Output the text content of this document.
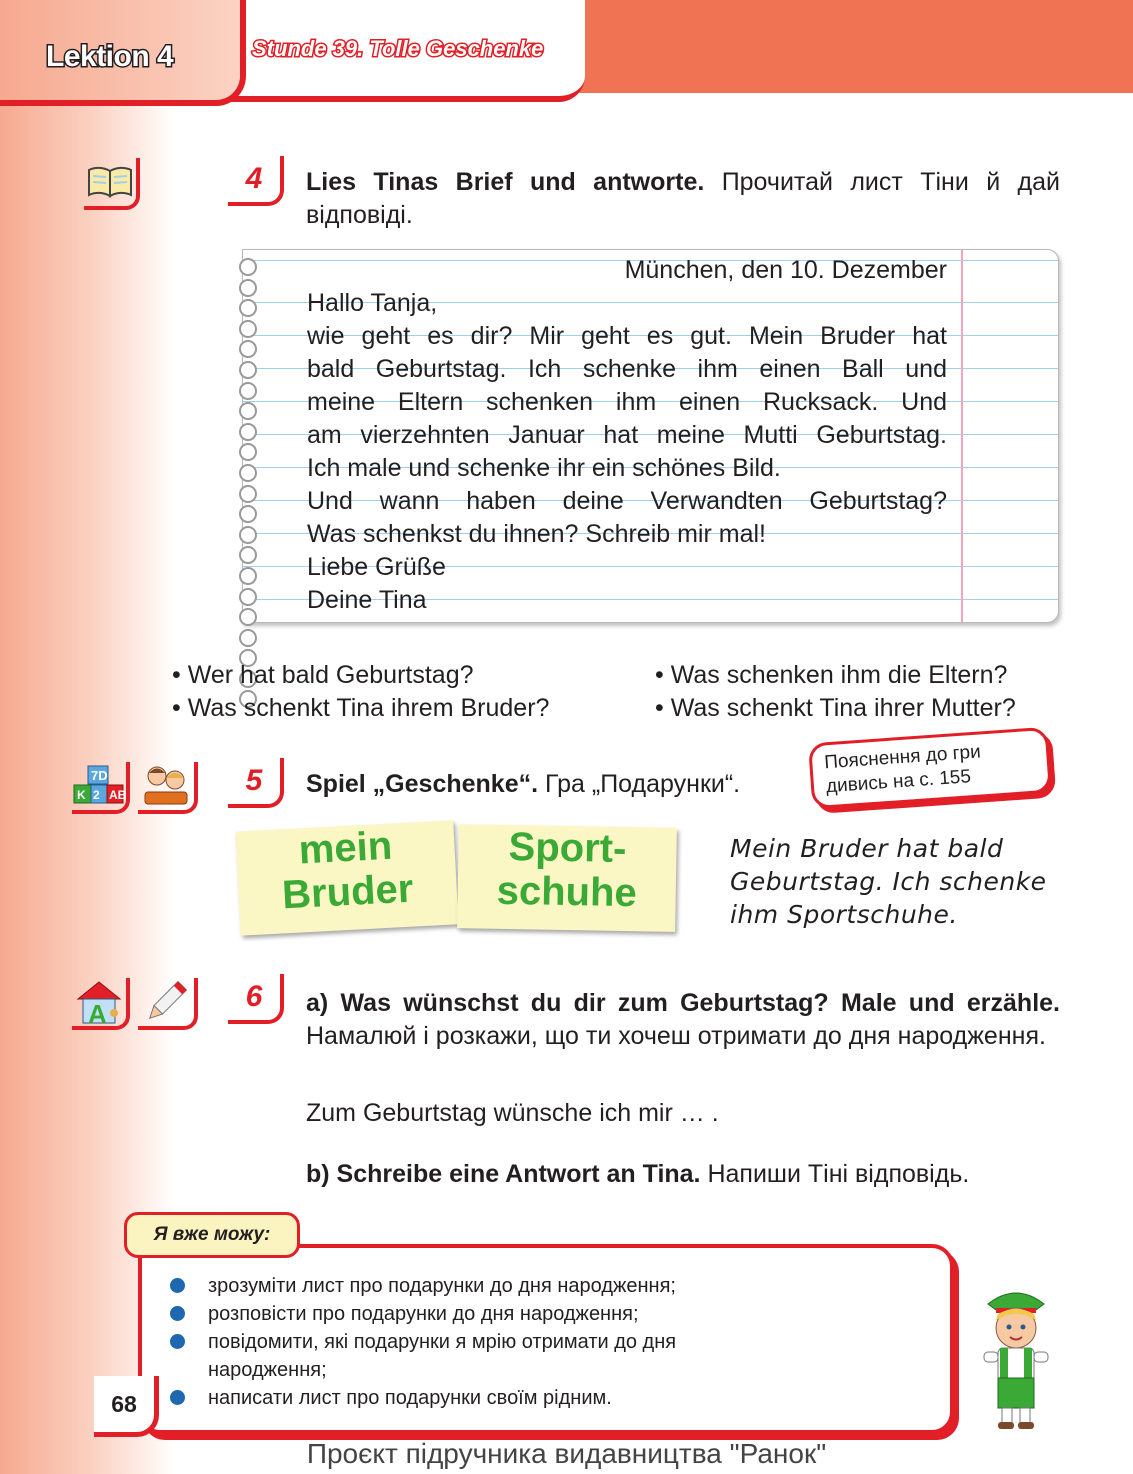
Lektion 4	Stunde 39. Tolle Geschenke
4	Lies Tinas Brief und antworte. Прочитай лист Тіни й дай відповіді.
München, den 10. Dezember
Hallo Tanja,
wie geht es dir? Mir geht es gut. Mein Bruder hat
bald Geburtstag. Ich schenke ihm einen Ball und
meine Eltern schenken ihm einen Rucksack. Und
am vierzehnten Januar hat meine Mutti Geburtstag.
Ich male und schenke ihr ein schönes Bild.
Und wann haben deine Verwandten Geburtstag?
Was schenkst du ihnen? Schreib mir mal!
Liebe Grüße
Deine Tina
• Wer hat bald Geburtstag?
• Was schenkt Tina ihrem Bruder?
• Was schenken ihm die Eltern?
• Was schenkt Tina ihrer Mutter?
7D
K 2 AB	5	Spiel „Geschenke“. Гра „Подарунки“.
Пояснення до гри дивись на с. 155
mein
Bruder
Sport-
schuhe
Mein Bruder hat bald
Geburtstag. Ich schenke
ihm Sportschuhe.
A
6	a) Was wünschst du dir zum Geburtstag? Male und erzähle. Намалюй і розкажи, що ти хочеш отримати до дня народження.
Zum Geburtstag wünsche ich mir … .
b) Schreibe eine Antwort an Tina. Напиши Тіні відповідь.
Я вже можу:
зрозуміти лист про подарунки до дня народження;
розповісти про подарунки до дня народження;
повідомити, які подарунки я мрію отримати до дня народження;
написати лист про подарунки своїм рідним.
68
Проєкт підручника видавництва "Ранок"
